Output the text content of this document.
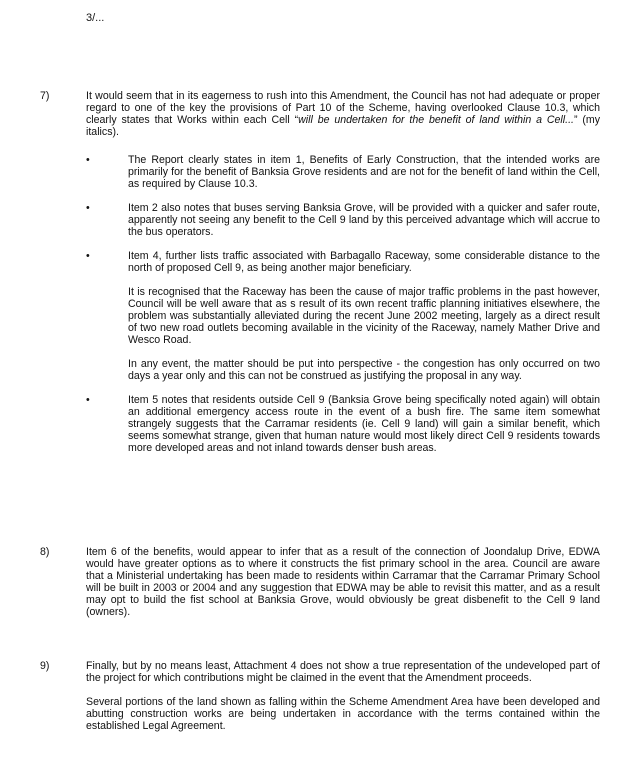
3/...
7)	It would seem that in its eagerness to rush into this Amendment, the Council has not had adequate or proper regard to one of the key the provisions of Part 10 of the Scheme, having overlooked Clause 10.3, which clearly states that Works within each Cell “will be undertaken for the benefit of land within a Cell...” (my italics).

•	The Report clearly states in item 1, Benefits of Early Construction, that the intended works are primarily for the benefit of Banksia Grove residents and are not for the benefit of land within the Cell, as required by Clause 10.3.
•	Item 2 also notes that buses serving Banksia Grove, will be provided with a quicker and safer route, apparently not seeing any benefit to the Cell 9 land by this perceived advantage which will accrue to the bus operators.
•	Item 4, further lists traffic associated with Barbagallo Raceway, some considerable distance to the north of proposed Cell 9, as being another major beneficiary.

It is recognised that the Raceway has been the cause of major traffic problems in the past however, Council will be well aware that as s result of its own recent traffic planning initiatives elsewhere, the problem was substantially alleviated during the recent June 2002 meeting, largely as a direct result of two new road outlets becoming available in the vicinity of the Raceway, namely Mather Drive and Wesco Road.

In any event, the matter should be put into perspective - the congestion has only occurred on two days a year only and this can not be construed as justifying the proposal in any way.

•	Item 5 notes that residents outside Cell 9 (Banksia Grove being specifically noted again) will obtain an additional emergency access route in the event of a bush fire. The same item somewhat strangely suggests that the Carramar residents (ie. Cell 9 land) will gain a similar benefit, which seems somewhat strange, given that human nature would most likely direct Cell 9 residents towards more developed areas and not inland towards denser bush areas.
8)	Item 6 of the benefits, would appear to infer that as a result of the connection of Joondalup Drive, EDWA would have greater options as to where it constructs the fist primary school in the area. Council are aware that a Ministerial undertaking has been made to residents within Carramar that the Carramar Primary School will be built in 2003 or 2004 and any suggestion that EDWA may be able to revisit this matter, and as a result may opt to build the fist school at Banksia Grove, would obviously be great disbenefit to the Cell 9 land (owners).

9)	Finally, but by no means least, Attachment 4 does not show a true representation of the undeveloped part of the project for which contributions might be claimed in the event that the Amendment proceeds.

Several portions of the land shown as falling within the Scheme Amendment Area have been developed and abutting construction works are being undertaken in accordance with the terms contained within the established Legal Agreement.
